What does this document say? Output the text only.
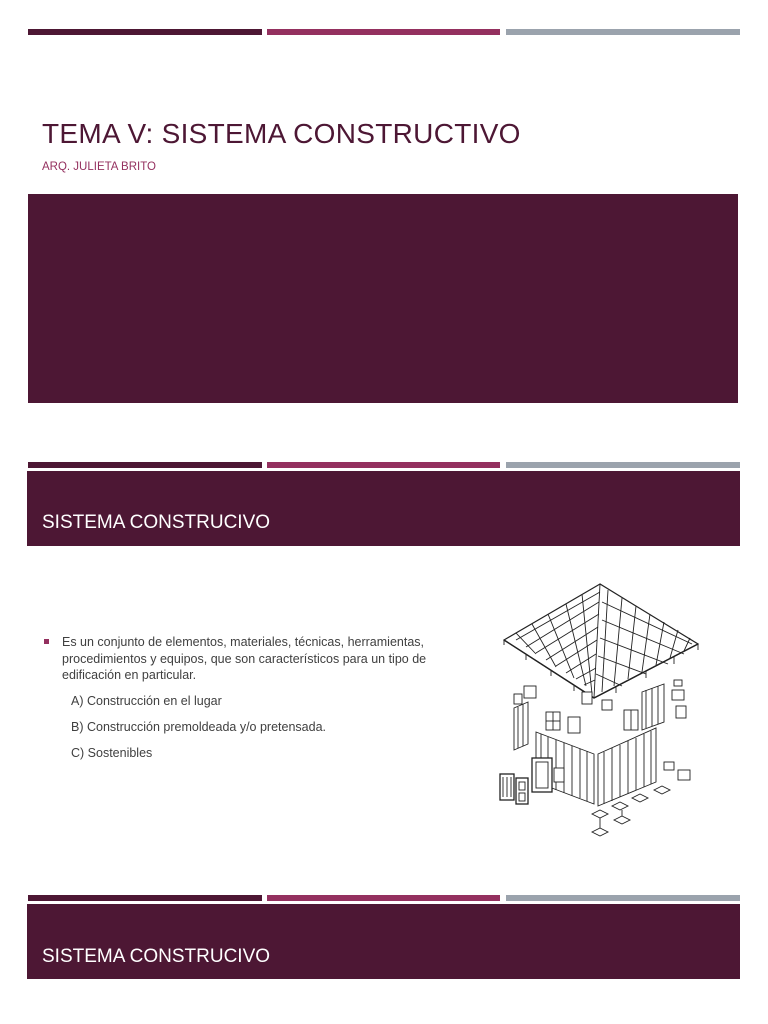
TEMA V: SISTEMA CONSTRUCTIVO
ARQ. JULIETA BRITO
SISTEMA CONSTRUCIVO
Es un conjunto de elementos, materiales, técnicas, herramientas, procedimientos y equipos, que son característicos para un tipo de edificación en particular.
A) Construcción en el lugar
B) Construcción premoldeada y/o pretensada.
C) Sostenibles
SISTEMA CONSTRUCIVO
